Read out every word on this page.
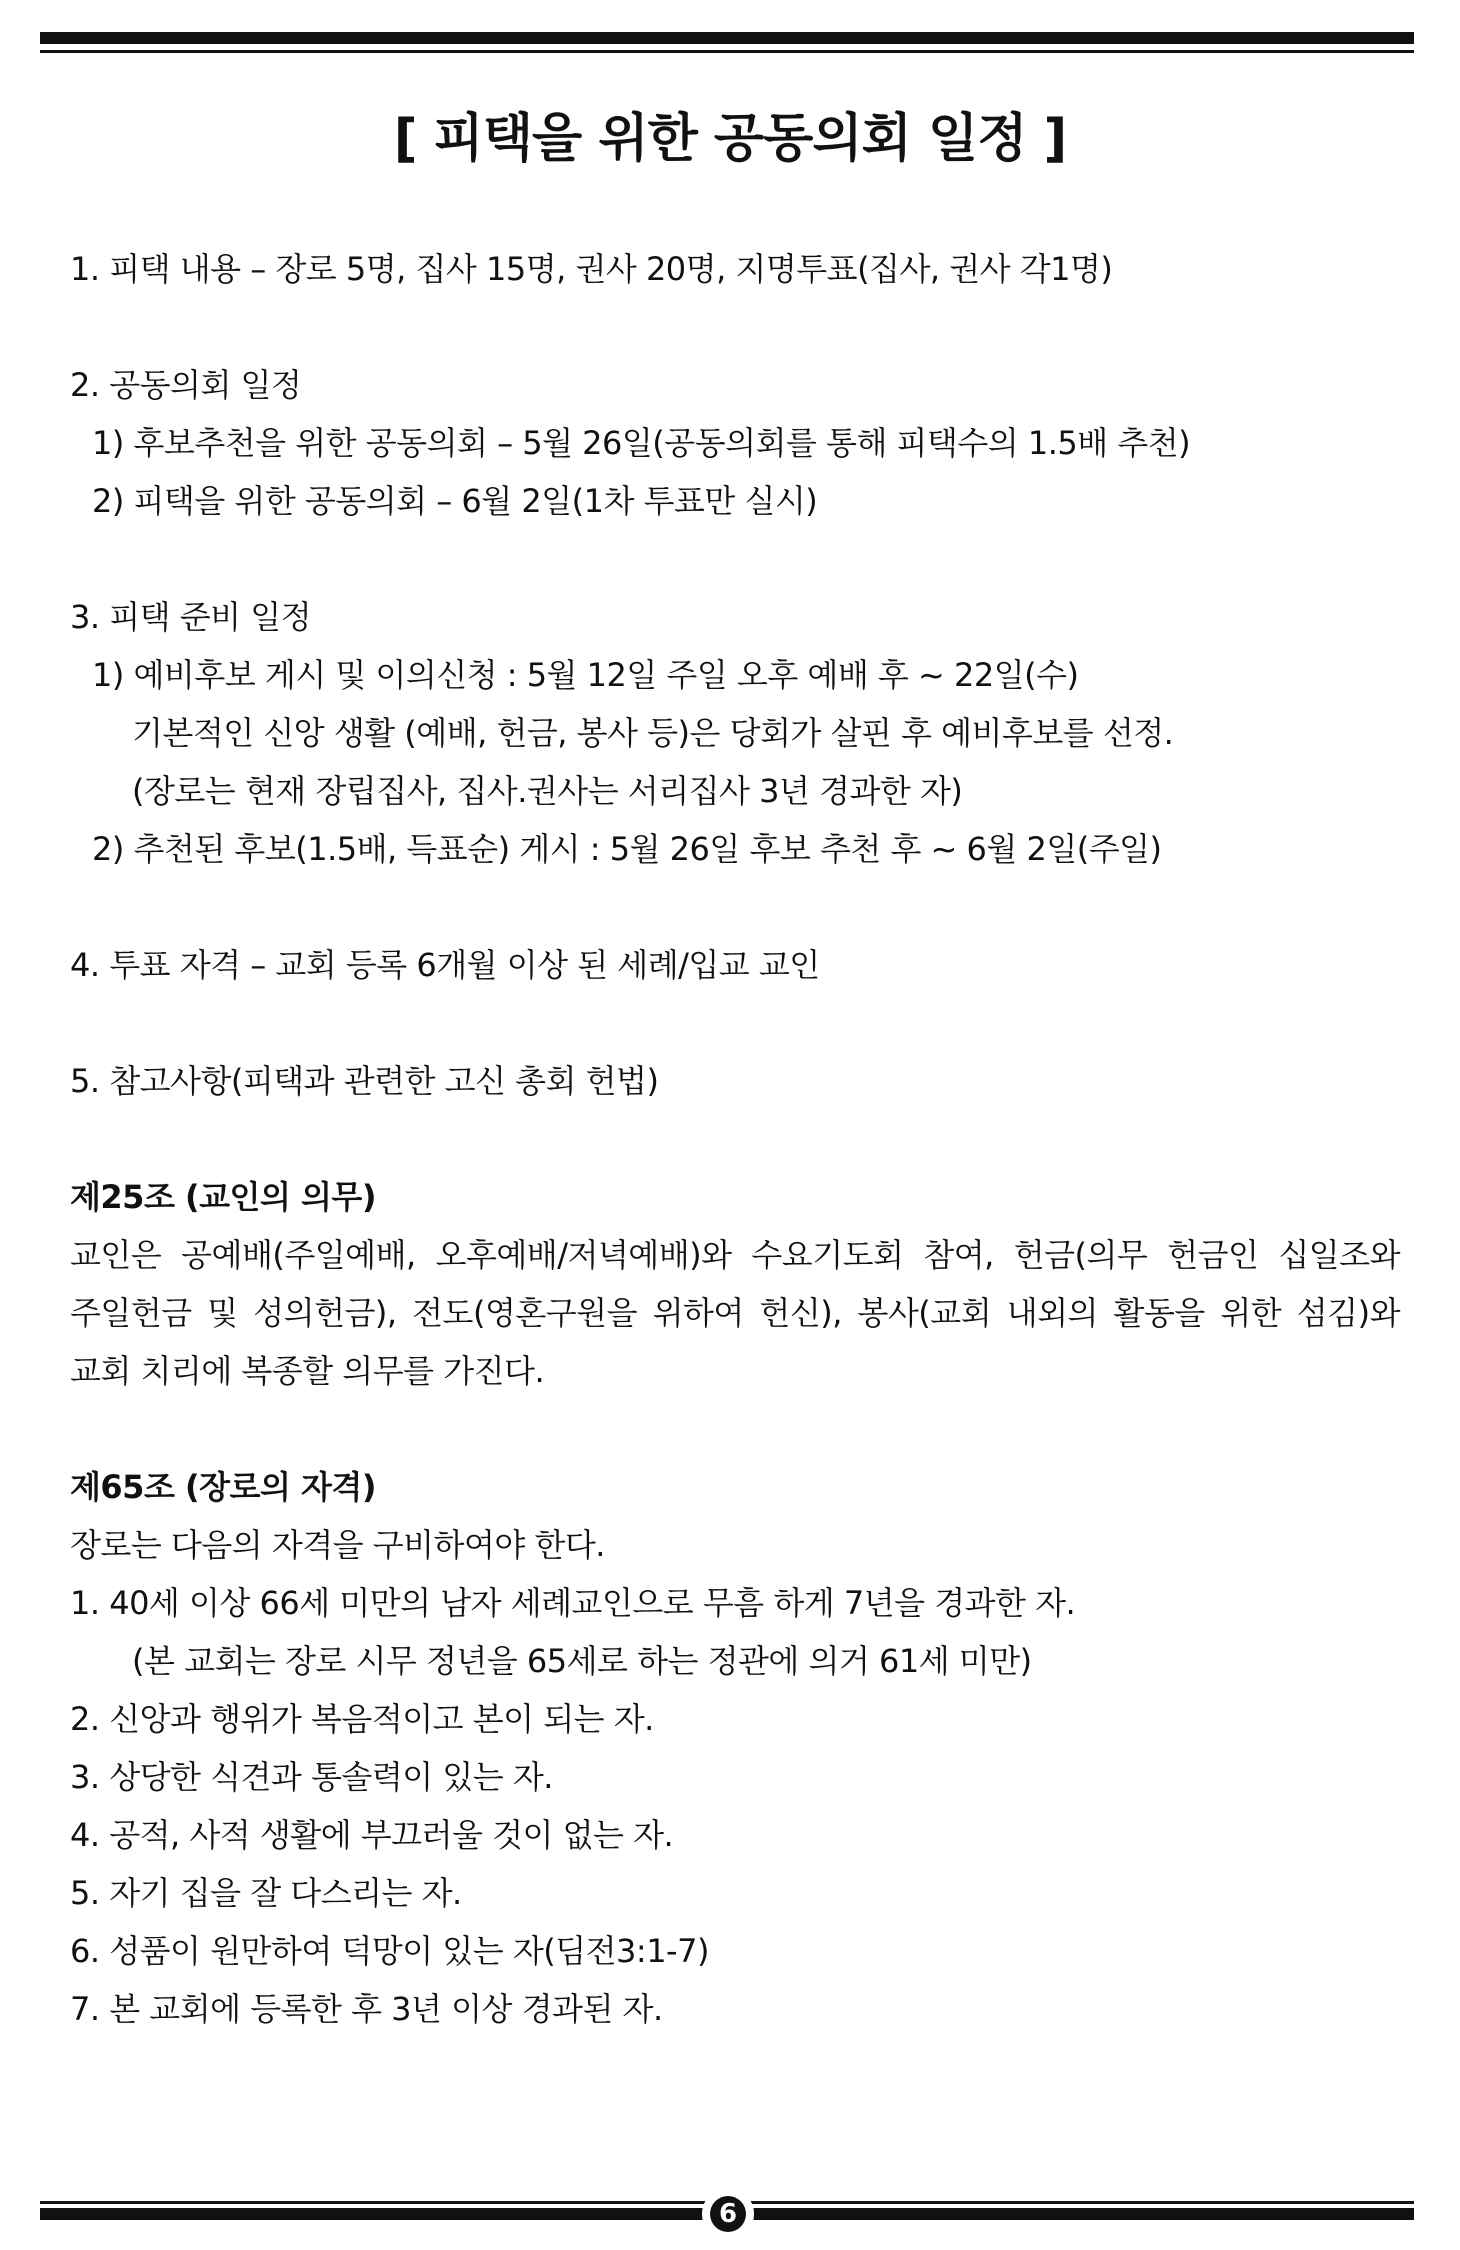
[ 피택을 위한 공동의회 일정 ]
1. 피택 내용 – 장로 5명, 집사 15명, 권사 20명, 지명투표(집사, 권사 각1명)
2. 공동의회 일정
1) 후보추천을 위한 공동의회 – 5월 26일(공동의회를 통해 피택수의 1.5배 추천)
2) 피택을 위한 공동의회 – 6월 2일(1차 투표만 실시)
3. 피택 준비 일정
1) 예비후보 게시 및 이의신청 : 5월 12일 주일 오후 예배 후 ~ 22일(수)
기본적인 신앙 생활 (예배, 헌금, 봉사 등)은 당회가 살핀 후 예비후보를 선정.
(장로는 현재 장립집사, 집사.권사는 서리집사 3년 경과한 자)
2) 추천된 후보(1.5배, 득표순) 게시 : 5월 26일 후보 추천 후 ~ 6월 2일(주일)
4. 투표 자격 – 교회 등록 6개월 이상 된 세례/입교 교인
5. 참고사항(피택과 관련한 고신 총회 헌법)
제25조 (교인의 의무)
교인은 공예배(주일예배, 오후예배/저녁예배)와 수요기도회 참여, 헌금(의무 헌금인 십일조와 주일헌금 및 성의헌금), 전도(영혼구원을 위하여 헌신), 봉사(교회 내외의 활동을 위한 섬김)와 교회 치리에 복종할 의무를 가진다.
제65조 (장로의 자격)
장로는 다음의 자격을 구비하여야 한다.
1. 40세 이상 66세 미만의 남자 세례교인으로 무흠 하게 7년을 경과한 자.
(본 교회는 장로 시무 정년을 65세로 하는 정관에 의거 61세 미만)
2. 신앙과 행위가 복음적이고 본이 되는 자.
3. 상당한 식견과 통솔력이 있는 자.
4. 공적, 사적 생활에 부끄러울 것이 없는 자.
5. 자기 집을 잘 다스리는 자.
6. 성품이 원만하여 덕망이 있는 자(딤전3:1-7)
7. 본 교회에 등록한 후 3년 이상 경과된 자.
6
